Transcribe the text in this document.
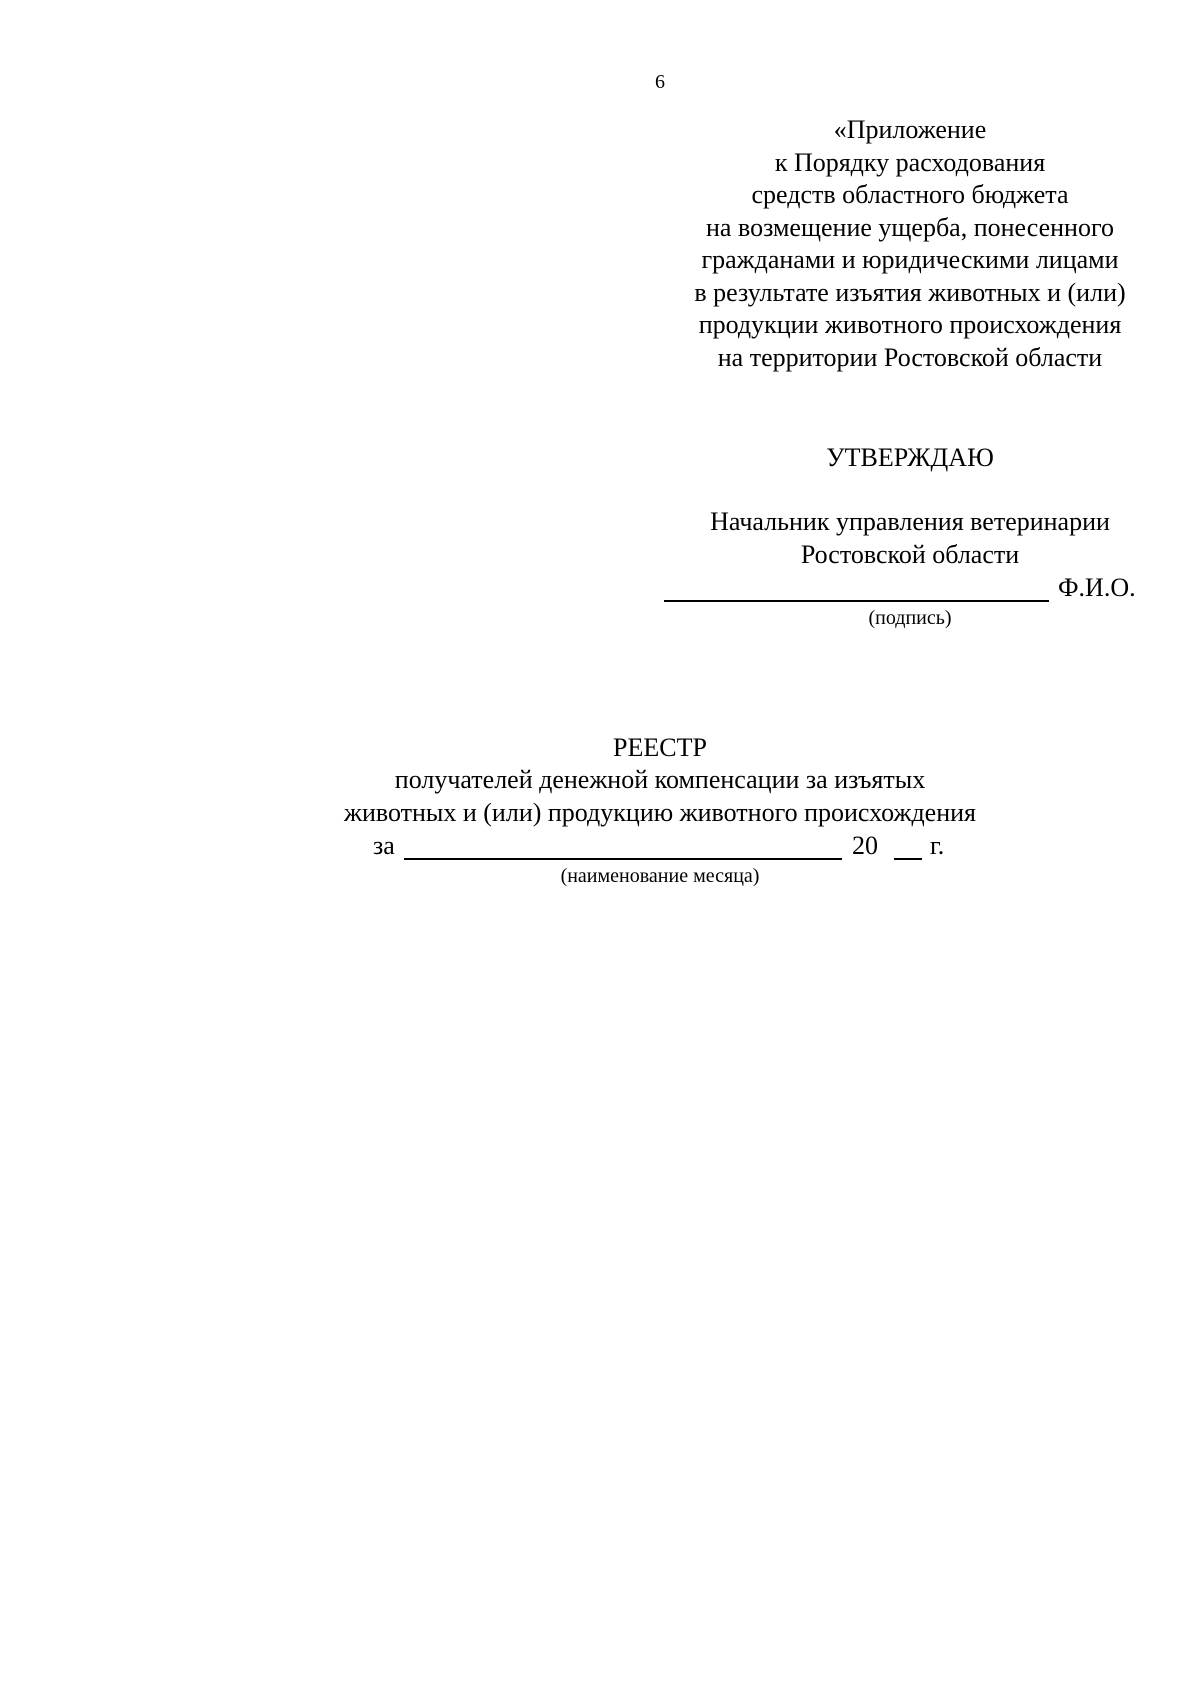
6
«Приложение
к Порядку расходования
средств областного бюджета
на возмещение ущерба, понесенного
гражданами и юридическими лицами
в результате изъятия животных и (или)
продукции животного происхождения
на территории Ростовской области
УТВЕРЖДАЮ
Начальник управления ветеринарии
Ростовской области
Ф.И.О.
(подпись)
РЕЕСТР
получателей денежной компенсации за изъятых
животных и (или) продукцию животного происхождения
за	20 г.
(наименование месяца)
